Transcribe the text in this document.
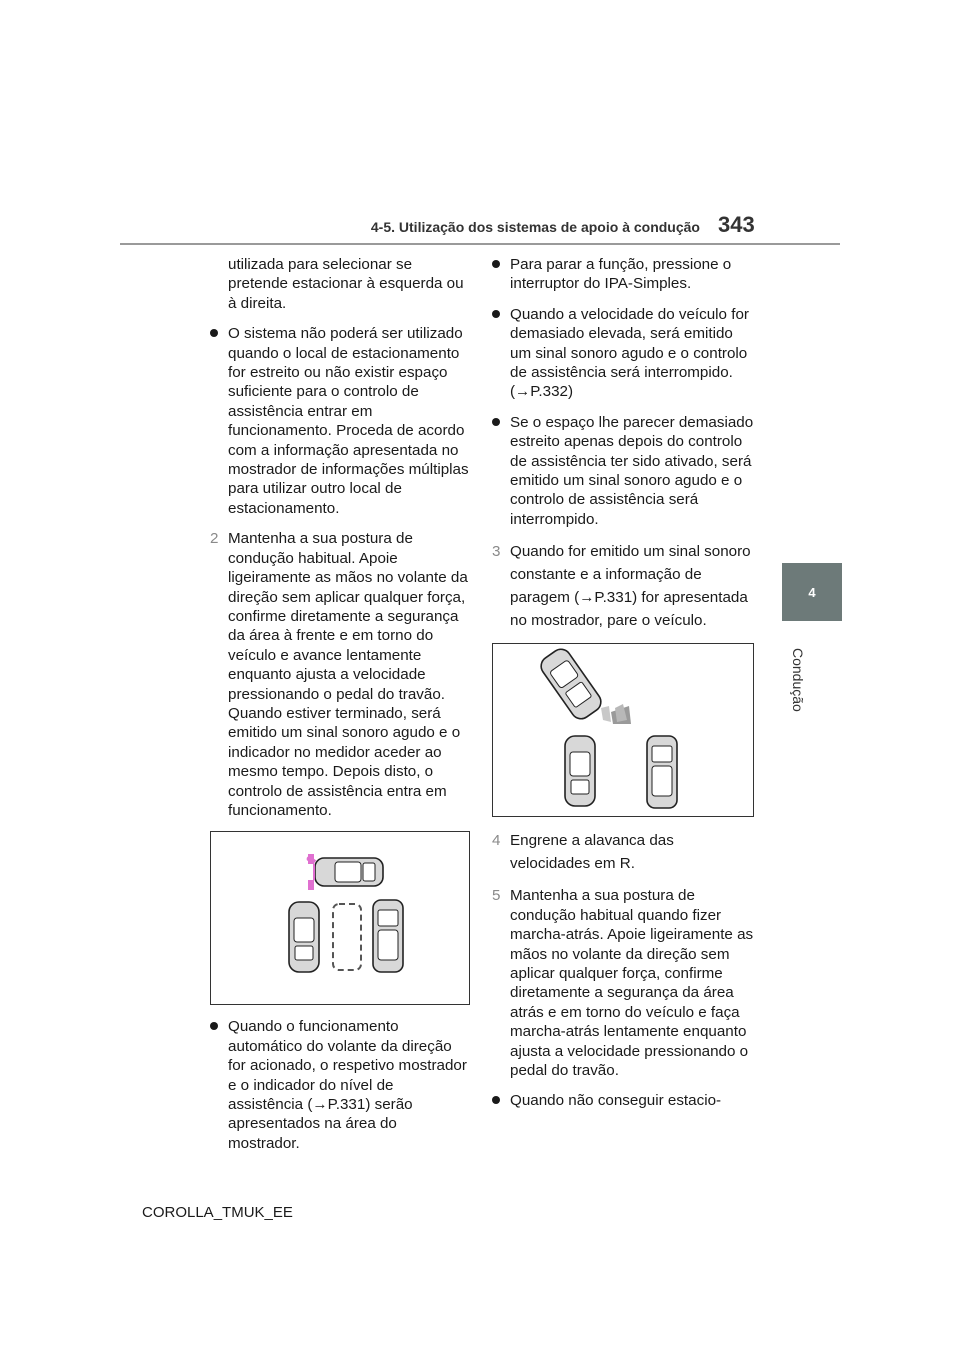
4-5. Utilização dos sistemas de apoio à condução 343
4
Condução

utilizada para selecionar se pretende estacionar à esquerda ou à direita.

O sistema não poderá ser utilizado quando o local de estacionamento for estreito ou não existir espaço suficiente para o controlo de assistência entrar em funcionamento. Proceda de acordo com a informação apresentada no mostrador de informações múltiplas para utilizar outro local de estacionamento.

2 Mantenha a sua postura de condução habitual. Apoie ligeiramente as mãos no volante da direção sem aplicar qualquer força, confirme diretamente a segurança da área à frente e em torno do veículo e avance lentamente enquanto ajusta a velocidade pressionando o pedal do travão. Quando estiver terminado, será emitido um sinal sonoro agudo e o indicador no medidor aceder ao mesmo tempo. Depois disto, o controlo de assistência entra em funcionamento.

Quando o funcionamento automático do volante da direção for acionado, o respetivo mostrador e o indicador do nível de assistência (→P.331) serão apresentados na área do mostrador.

Para parar a função, pressione o interruptor do IPA-Simples.

Quando a velocidade do veículo for demasiado elevada, será emitido um sinal sonoro agudo e o controlo de assistência será interrompido. (→P.332)

Se o espaço lhe parecer demasiado estreito apenas depois do controlo de assistência ter sido ativado, será emitido um sinal sonoro agudo e o controlo de assistência será interrompido.

3 Quando for emitido um sinal sonoro constante e a informação de paragem (→P.331) for apresentada no mostrador, pare o veículo.

4 Engrene a alavanca das velocidades em R.

5 Mantenha a sua postura de condução habitual quando fizer marcha-atrás. Apoie ligeiramente as mãos no volante da direção sem aplicar qualquer força, confirme diretamente a segurança da área atrás e em torno do veículo e faça marcha-atrás lentamente enquanto ajusta a velocidade pressionando o pedal do travão.

Quando não conseguir estacio-

COROLLA_TMUK_EE
